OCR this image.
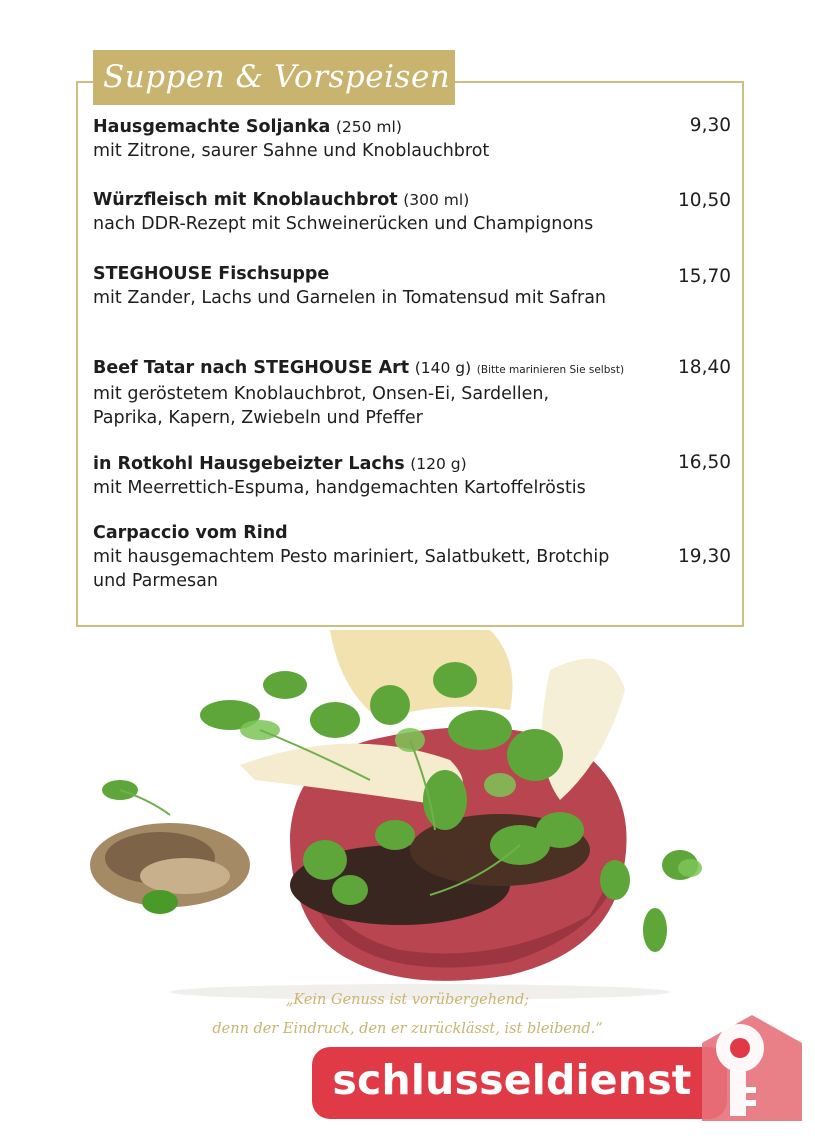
Suppen & Vorspeisen
Hausgemachte Soljanka (250 ml)
mit Zitrone, saurer Sahne und Knoblauchbrot
9,30
Würzfleisch mit Knoblauchbrot (300 ml)
nach DDR-Rezept mit Schweinerücken und Champignons
10,50
STEGHOUSE Fischsuppe
mit Zander, Lachs und Garnelen in Tomatensud mit Safran
15,70
Beef Tatar nach STEGHOUSE Art (140 g) (Bitte marinieren Sie selbst)
mit geröstetem Knoblauchbrot, Onsen-Ei, Sardellen,
Paprika, Kapern, Zwiebeln und Pfeffer
18,40
in Rotkohl Hausgebeizter Lachs (120 g)
mit Meerrettich-Espuma, handgemachten Kartoffelröstis
16,50
Carpaccio vom Rind
mit hausgemachtem Pesto mariniert, Salatbukett, Brotchip
und Parmesan
19,30
„Kein Genuss ist vorübergehend;
denn der Eindruck, den er zurücklässt, ist bleibend.“
schlusseldienst
